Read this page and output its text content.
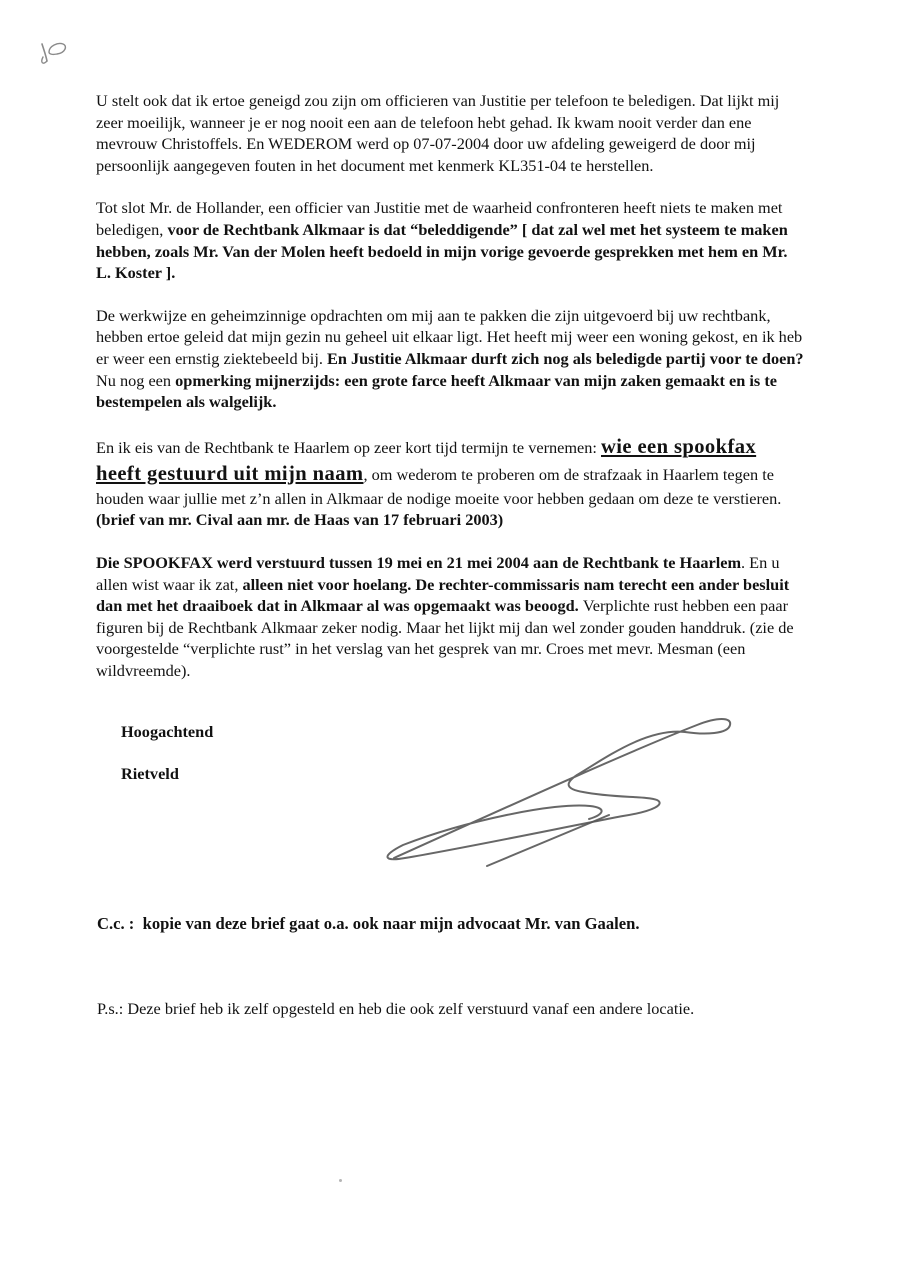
U stelt ook dat ik ertoe geneigd zou zijn om officieren van Justitie per telefoon te beledigen. Dat lijkt mij zeer moeilijk, wanneer je er nog nooit een aan de telefoon hebt gehad. Ik kwam nooit verder dan ene mevrouw Christoffels. En WEDEROM werd op 07-07-2004 door uw afdeling geweigerd de door mij persoonlijk aangegeven fouten in het document met kenmerk KL351-04 te herstellen.

Tot slot Mr. de Hollander, een officier van Justitie met de waarheid confronteren heeft niets te maken met beledigen, voor de Rechtbank Alkmaar is dat “beleddigende” [ dat zal wel met het systeem te maken hebben, zoals Mr. Van der Molen heeft bedoeld in mijn vorige gevoerde gesprekken met hem en Mr. L. Koster ].

De werkwijze en geheimzinnige opdrachten om mij aan te pakken die zijn uitgevoerd bij uw rechtbank, hebben ertoe geleid dat mijn gezin nu geheel uit elkaar ligt. Het heeft mij weer een woning gekost, en ik heb er weer een ernstig ziektebeeld bij. En Justitie Alkmaar durft zich nog als beledigde partij voor te doen? Nu nog een opmerking mijnerzijds: een grote farce heeft Alkmaar van mijn zaken gemaakt en is te bestempelen als walgelijk.

En ik eis van de Rechtbank te Haarlem op zeer kort tijd termijn te vernemen: wie een spookfax heeft gestuurd uit mijn naam, om wederom te proberen om de strafzaak in Haarlem tegen te houden waar jullie met z’n allen in Alkmaar de nodige moeite voor hebben gedaan om deze te verstieren. (brief van mr. Cival aan mr. de Haas van 17 februari 2003)

Die SPOOKFAX werd verstuurd tussen 19 mei en 21 mei 2004 aan de Rechtbank te Haarlem. En u allen wist waar ik zat, alleen niet voor hoelang. De rechter-commissaris nam terecht een ander besluit dan met het draaiboek dat in Alkmaar al was opgemaakt was beoogd. Verplichte rust hebben een paar figuren bij de Rechtbank Alkmaar zeker nodig. Maar het lijkt mij dan wel zonder gouden handdruk. (zie de voorgestelde “verplichte rust” in het verslag van het gesprek van mr. Croes met mevr. Mesman (een wildvreemde).

Hoogachtend

Rietveld

C.c. :  kopie van deze brief gaat o.a. ook naar mijn advocaat Mr. van Gaalen.

P.s.: Deze brief heb ik zelf opgesteld en heb die ook zelf verstuurd vanaf een andere locatie.
